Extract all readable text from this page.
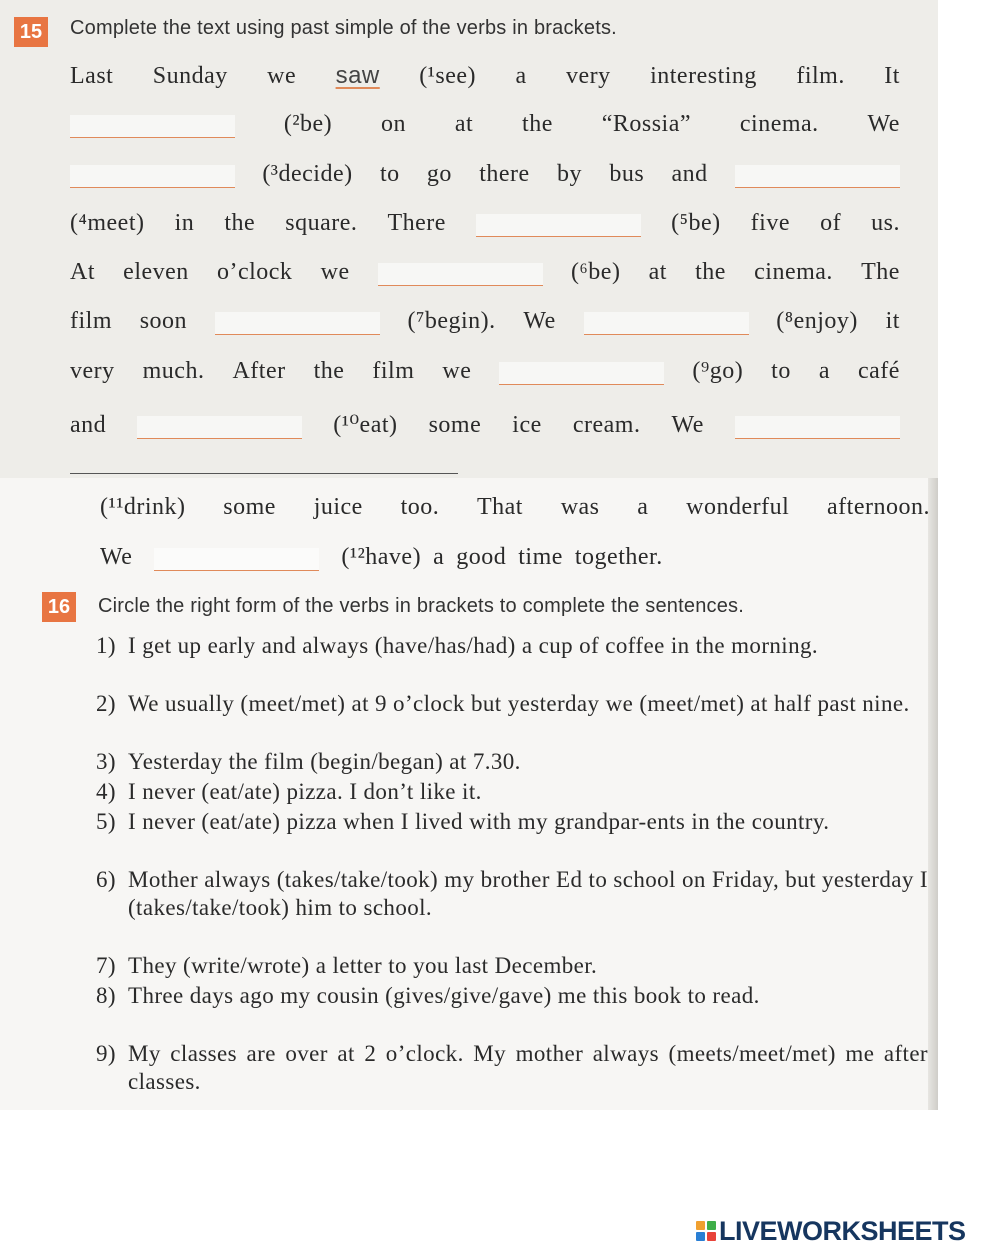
15 Complete the text using past simple of the verbs in brackets.
Last Sunday we saw (¹see) a very interesting film. It
(²be) on at the “Rossia” cinema. We
(³decide) to go there by bus and
(⁴meet) in the square. There	(⁵be) five of us.
At eleven o’clock we	(⁶be) at the cinema. The
film soon	(⁷begin). We	(⁸enjoy) it
very much. After the film we	(⁹go) to a café
and	(¹⁰eat) some ice cream. We
(¹¹drink) some juice too. That was a wonderful afternoon.
We	(¹²have) a good time together.
16 Circle the right form of the verbs in brackets to complete the sentences.
1) I get up early and always (have/has/had) a cup of coffee in the morning.
2) We usually (meet/met) at 9 o’clock but yesterday we (meet/met) at half past nine.
3) Yesterday the film (begin/began) at 7.30.
4) I never (eat/ate) pizza. I don’t like it.
5) I never (eat/ate) pizza when I lived with my grandpar-ents in the country.
6) Mother always (takes/take/took) my brother Ed to school on Friday, but yesterday I (takes/take/took) him to school.
7) They (write/wrote) a letter to you last December.
8) Three days ago my cousin (gives/give/gave) me this book to read.
9) My classes are over at 2 o’clock. My mother always (meets/meet/met) me after classes.
LIVEWORKSHEETS
